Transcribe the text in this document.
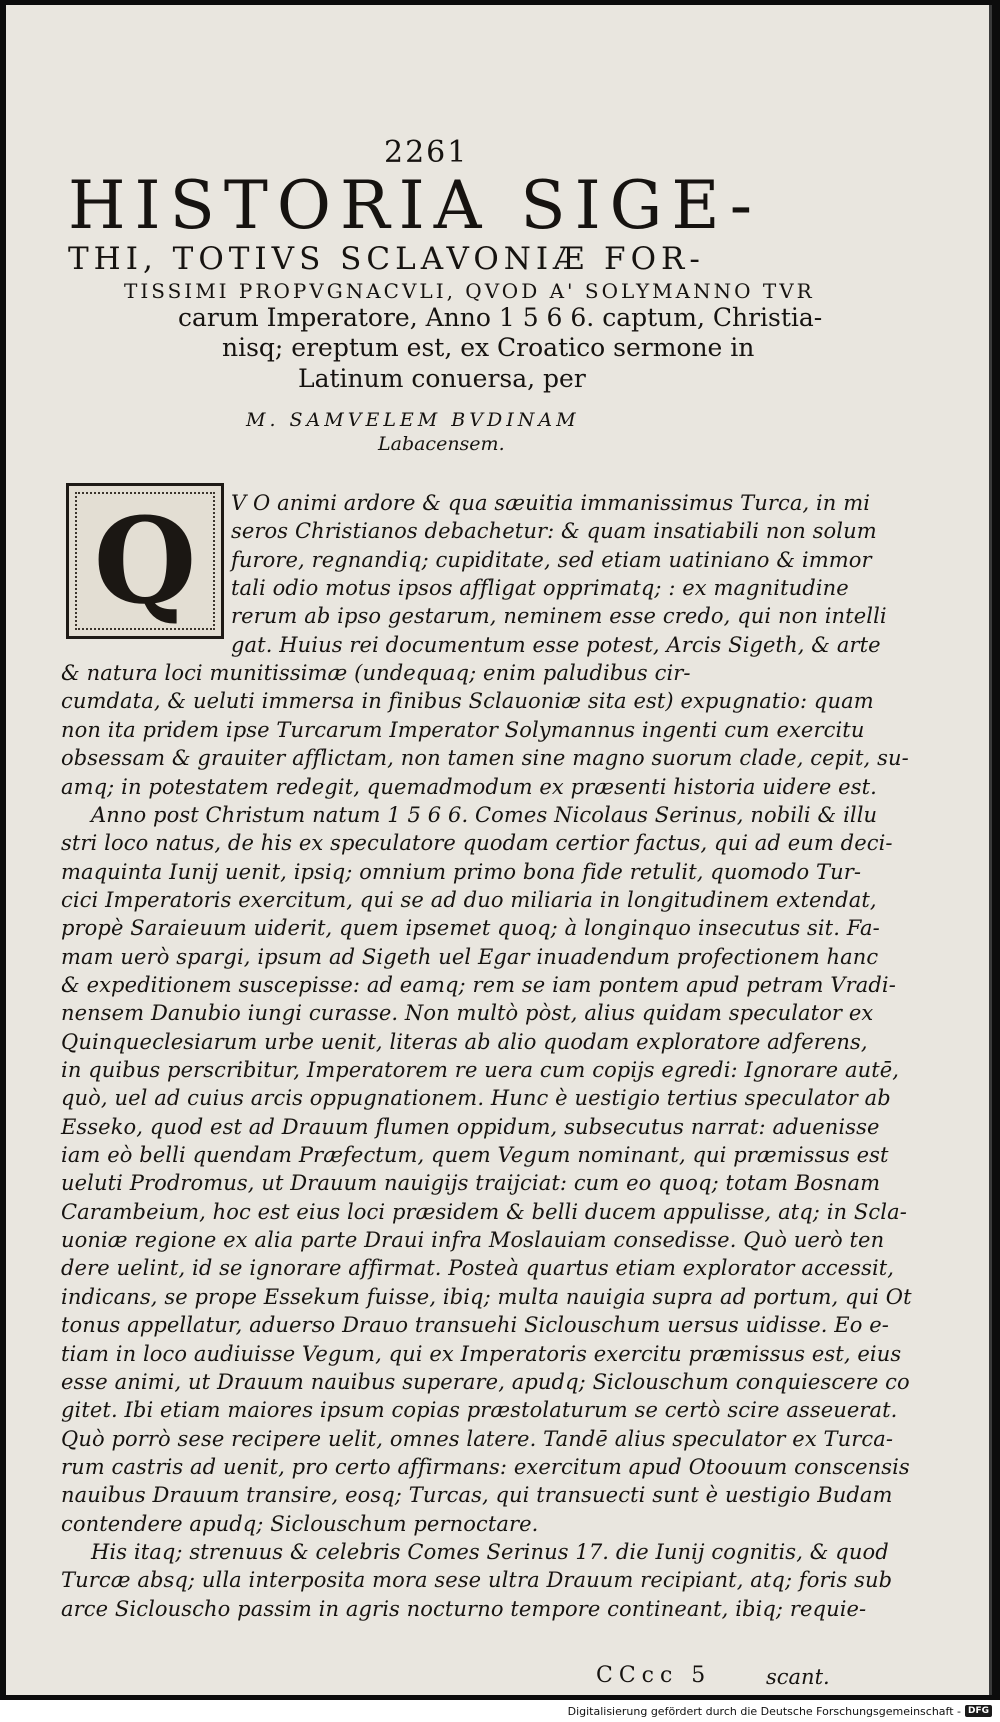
2261
HISTORIA SIGE-
THI, TOTIVS SCLAVONIÆ FOR-
TISSIMI PROPVGNACVLI, QVOD A' SOLYMANNO TVR
carum Imperatore, Anno 1 5 6 6. captum, Christia-
nisq; ereptum est, ex Croatico sermone in
Latinum conuersa, per
M. SAMVELEM BVDINAM
Labacensem.
Q V O animi ardore & qua sæuitia immanissimus Turca, in mi
seros Christianos debachetur: & quam insatiabili non solum
furore, regnandiq; cupiditate, sed etiam uatiniano & immor
tali odio motus ipsos affligat opprimatq; : ex magnitudine
rerum ab ipso gestarum, neminem esse credo, qui non intelli
gat. Huius rei documentum esse potest, Arcis Sigeth, & arte
& natura loci munitissimæ (undequaq; enim paludibus cir-
cumdata, & ueluti immersa in finibus Sclauoniæ sita est) expugnatio: quam
non ita pridem ipse Turcarum Imperator Solymannus ingenti cum exercitu
obsessam & grauiter afflictam, non tamen sine magno suorum clade, cepit, su-
amq; in potestatem redegit, quemadmodum ex præsenti historia uidere est.
Anno post Christum natum 1 5 6 6. Comes Nicolaus Serinus, nobili & illu
stri loco natus, de his ex speculatore quodam certior factus, qui ad eum deci-
maquinta Iunij uenit, ipsiq; omnium primo bona fide retulit, quomodo Tur-
cici Imperatoris exercitum, qui se ad duo miliaria in longitudinem extendat,
propè Saraieuum uiderit, quem ipsemet quoq; à longinquo insecutus sit. Fa-
mam uerò spargi, ipsum ad Sigeth uel Egar inuadendum profectionem hanc
& expeditionem suscepisse: ad eamq; rem se iam pontem apud petram Vradi-
nensem Danubio iungi curasse. Non multò pòst, alius quidam speculator ex
Quinqueclesiarum urbe uenit, literas ab alio quodam exploratore adferens,
in quibus perscribitur, Imperatorem re uera cum copijs egredi: Ignorare autē,
quò, uel ad cuius arcis oppugnationem. Hunc è uestigio tertius speculator ab
Esseko, quod est ad Drauum flumen oppidum, subsecutus narrat: aduenisse
iam eò belli quendam Præfectum, quem Vegum nominant, qui præmissus est
ueluti Prodromus, ut Drauum nauigijs traijciat: cum eo quoq; totam Bosnam
Carambeium, hoc est eius loci præsidem & belli ducem appulisse, atq; in Scla-
uoniæ regione ex alia parte Draui infra Moslauiam consedisse. Quò uerò ten
dere uelint, id se ignorare affirmat. Posteà quartus etiam explorator accessit,
indicans, se prope Essekum fuisse, ibiq; multa nauigia supra ad portum, qui Ot
tonus appellatur, aduerso Drauo transuehi Siclouschum uersus uidisse. Eo e-
tiam in loco audiuisse Vegum, qui ex Imperatoris exercitu præmissus est, eius
esse animi, ut Drauum nauibus superare, apudq; Siclouschum conquiescere co
gitet. Ibi etiam maiores ipsum copias præstolaturum se certò scire asseuerat.
Quò porrò sese recipere uelit, omnes latere. Tandē alius speculator ex Turca-
rum castris ad uenit, pro certo affirmans: exercitum apud Otoouum conscensis
nauibus Drauum transire, eosq; Turcas, qui transuecti sunt è uestigio Budam
contendere apudq; Siclouschum pernoctare.
His itaq; strenuus & celebris Comes Serinus 17. die Iunij cognitis, & quod
Turcæ absq; ulla interposita mora sese ultra Drauum recipiant, atq; foris sub
arce Siclouscho passim in agris nocturno tempore contineant, ibiq; requie-
CCcc 5	scant.
Digitalisierung gefördert durch die Deutsche Forschungsgemeinschaft - DFG
